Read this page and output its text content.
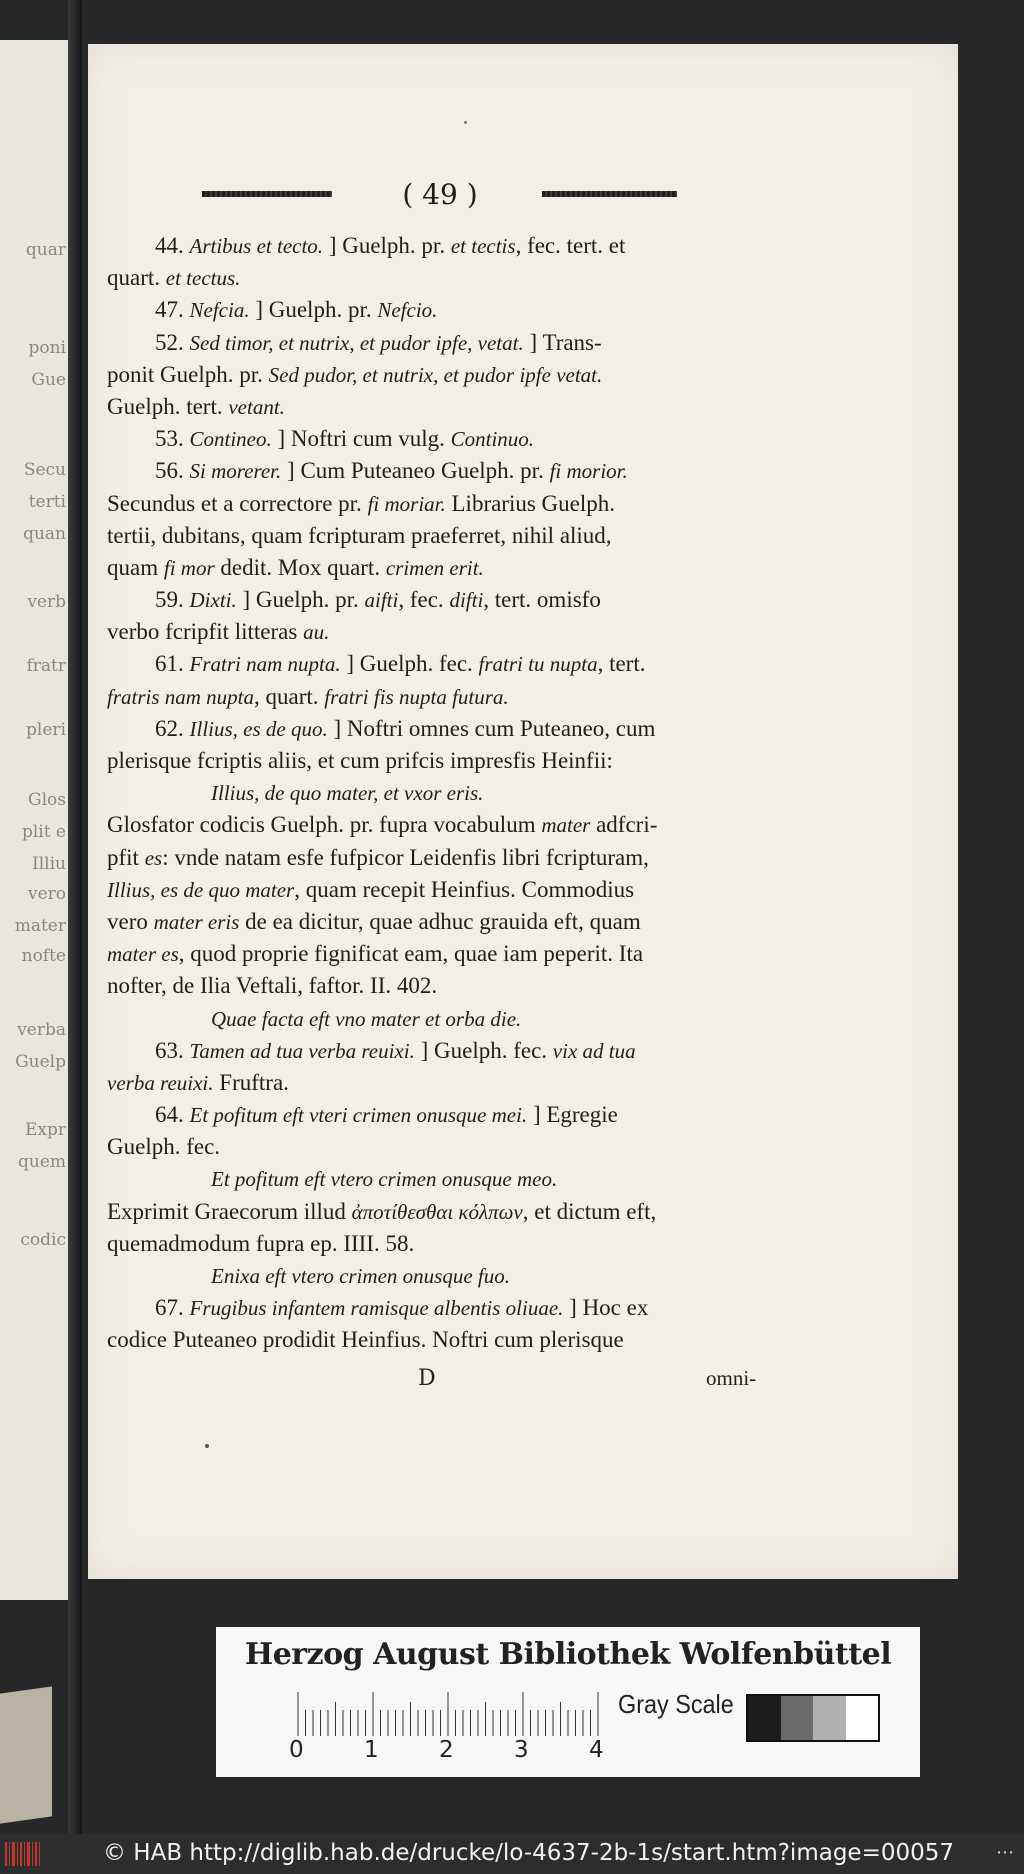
quar
poni
Gue
Secu
terti
quan
verb
fratr
pleri
Glos
plit e
Illiu
vero
mater
nofte
verba
Guelp
Expr
quem
codic
( 49 )
44. Artibus et tecto. ] Guelph. pr. et tectis, fec. tert. et
quart. et tectus.
47. Nefcia. ] Guelph. pr. Nefcio.
52. Sed timor, et nutrix, et pudor ipfe, vetat. ] Trans-
ponit Guelph. pr. Sed pudor, et nutrix, et pudor ipfe vetat.
Guelph. tert. vetant.
53. Contineo. ] Noftri cum vulg. Continuo.
56. Si morerer. ] Cum Puteaneo Guelph. pr. fi morior.
Secundus et a correctore pr. fi moriar. Librarius Guelph.
tertii, dubitans, quam fcripturam praeferret, nihil aliud,
quam fi mor dedit. Mox quart. crimen erit.
59. Dixti. ] Guelph. pr. aifti, fec. difti, tert. omisfo
verbo fcripfit litteras au.
61. Fratri nam nupta. ] Guelph. fec. fratri tu nupta, tert.
fratris nam nupta, quart. fratri fis nupta futura.
62. Illius, es de quo. ] Noftri omnes cum Puteaneo, cum
plerisque fcriptis aliis, et cum prifcis impresfis Heinfii:
Illius, de quo mater, et vxor eris.
Glosfator codicis Guelph. pr. fupra vocabulum mater adfcri-
pfit es: vnde natam esfe fufpicor Leidenfis libri fcripturam,
Illius, es de quo mater, quam recepit Heinfius. Commodius
vero mater eris de ea dicitur, quae adhuc grauida eft, quam
mater es, quod proprie fignificat eam, quae iam peperit. Ita
nofter, de Ilia Veftali, faftor. II. 402.
Quae facta eft vno mater et orba die.
63. Tamen ad tua verba reuixi. ] Guelph. fec. vix ad tua
verba reuixi. Fruftra.
64. Et pofitum eft vteri crimen onusque mei. ] Egregie
Guelph. fec.
Et pofitum eft vtero crimen onusque meo.
Exprimit Graecorum illud ἀποτίθεσθαι κόλπων, et dictum eft,
quemadmodum fupra ep. IIII. 58.
Enixa eft vtero crimen onusque fuo.
67. Frugibus infantem ramisque albentis oliuae. ] Hoc ex
codice Puteaneo prodidit Heinfius. Noftri cum plerisque
D	omni-
Herzog August Bibliothek Wolfenbüttel
0	1	2	3	4
Gray Scale
© HAB http://diglib.hab.de/drucke/lo-4637-2b-1s/start.htm?image=00057 ⋯
